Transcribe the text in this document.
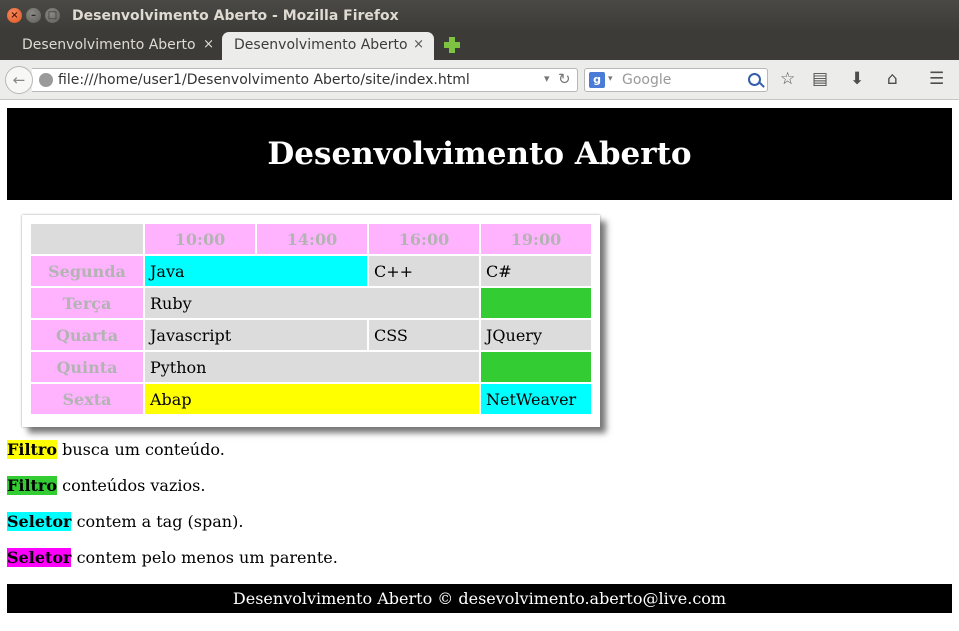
×	–	□ Desenvolvimento Aberto - Mozilla Firefox
Desenvolvimento Aberto ×	Desenvolvimento Aberto ×
file:///home/user1/Desenvolvimento Aberto/site/index.html	▾ ↻
←	g ▾ Google	☆ ▤ ⬇ ⌂ ☰
Desenvolvimento Aberto
	10:00	14:00	16:00	19:00
Segunda	Java		C++	C#
Terça	Ruby			
Quarta	Javascript		CSS	JQuery
Quinta	Python			
Sexta	Abap			NetWeaver

Filtro busca um conteúdo.

Filtro conteúdos vazios.

Seletor contem a tag (span).

Seletor contem pelo menos um parente.

Desenvolvimento Aberto © desevolvimento.aberto@live.com
